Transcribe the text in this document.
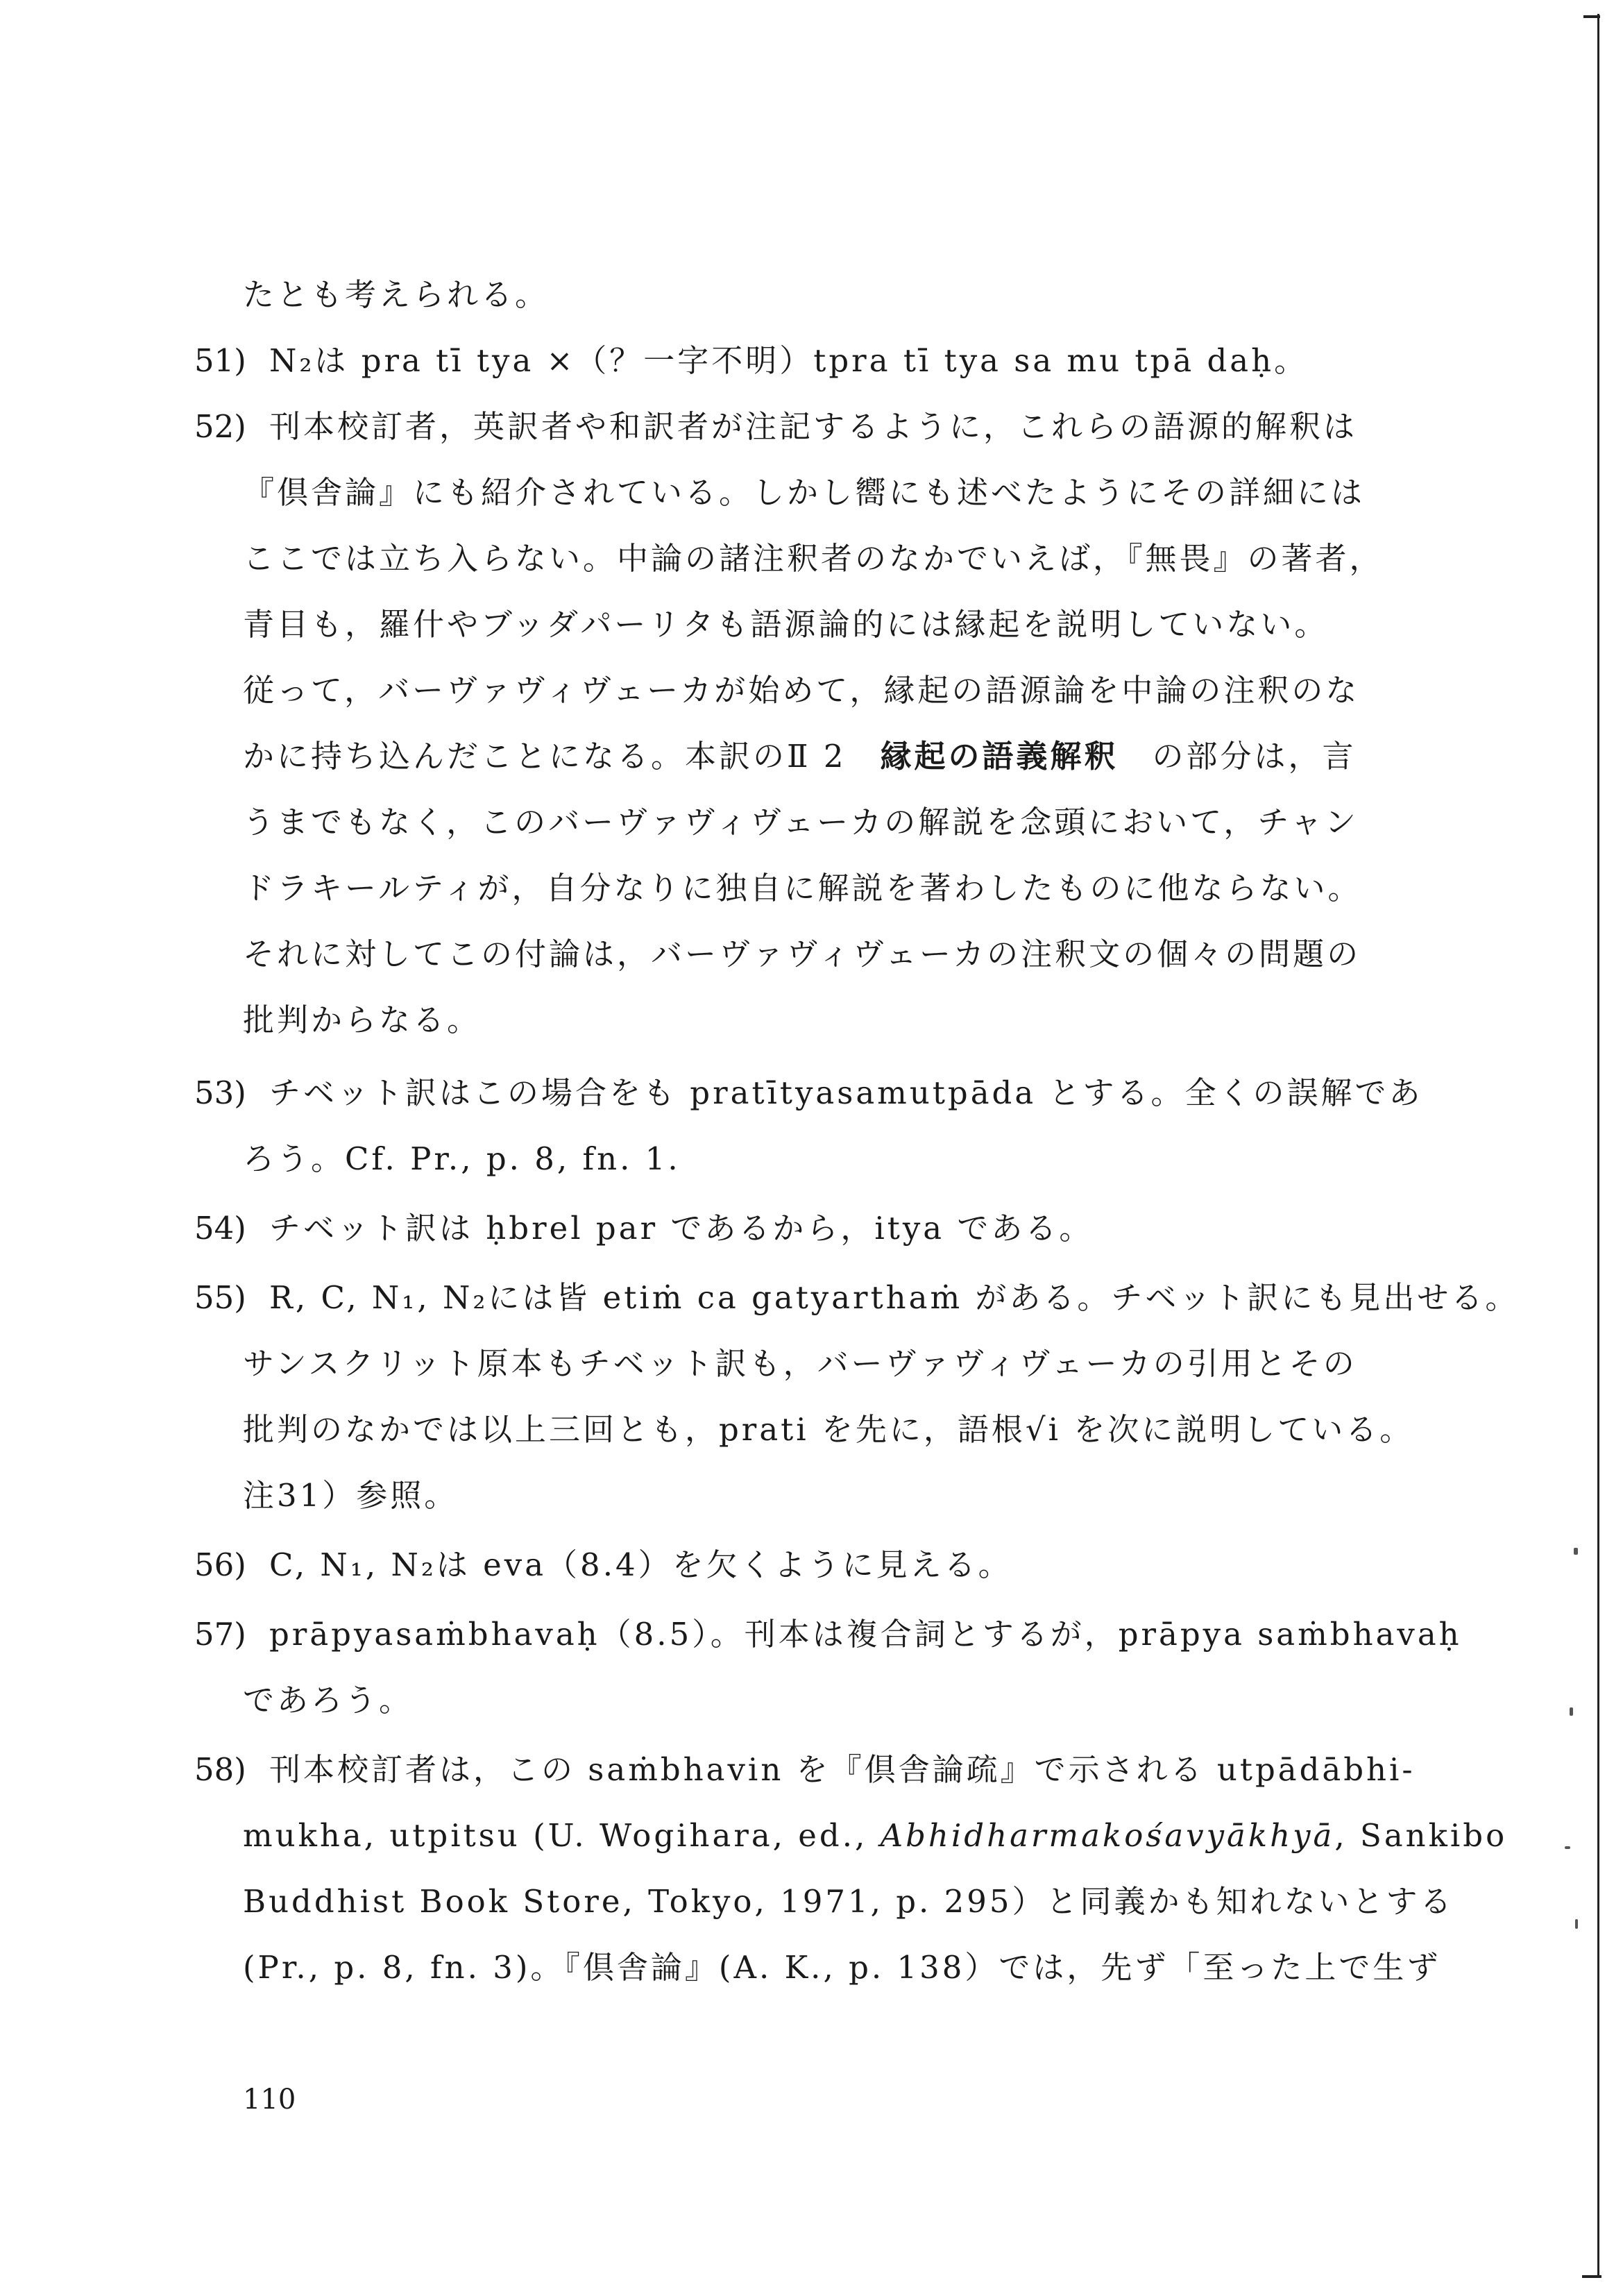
たとも考えられる。
51) N₂は pra tī tya ×（？一字不明）tpra tī tya sa mu tpā daḥ。
52) 刊本校訂者，英訳者や和訳者が注記するように，これらの語源的解釈は
『倶舎論』にも紹介されている。しかし嚮にも述べたようにその詳細には
ここでは立ち入らない。中論の諸注釈者のなかでいえば，『無畏』の著者，
青目も，羅什やブッダパーリタも語源論的には縁起を説明していない。
従って，バーヴァヴィヴェーカが始めて，縁起の語源論を中論の注釈のな
かに持ち込んだことになる。本訳のⅡ 2　縁起の語義解釈　の部分は，言
うまでもなく，このバーヴァヴィヴェーカの解説を念頭において，チャン
ドラキールティが，自分なりに独自に解説を著わしたものに他ならない。
それに対してこの付論は，バーヴァヴィヴェーカの注釈文の個々の問題の
批判からなる。
53) チベット訳はこの場合をも pratītyasamutpāda とする。全くの誤解であ
ろう。Cf. Pr., p. 8, fn. 1.
54) チベット訳は ḥbrel par であるから，itya である。
55) R, C, N₁, N₂には皆 etiṁ ca gatyarthaṁ がある。チベット訳にも見出せる。
サンスクリット原本もチベット訳も，バーヴァヴィヴェーカの引用とその
批判のなかでは以上三回とも，prati を先に，語根√i を次に説明している。
注31）参照。
56) C, N₁, N₂は eva（8.4）を欠くように見える。
57) prāpyasaṁbhavaḥ（8.5）。刊本は複合詞とするが，prāpya saṁbhavaḥ
であろう。
58) 刊本校訂者は，この saṁbhavin を『倶舎論疏』で示される utpādābhi-
mukha, utpitsu (U. Wogihara, ed., Abhidharmakośavyākhyā, Sankibo
Buddhist Book Store, Tokyo, 1971, p. 295）と同義かも知れないとする
(Pr., p. 8, fn. 3)。『倶舎論』(A. K., p. 138）では，先ず「至った上で生ず
110
